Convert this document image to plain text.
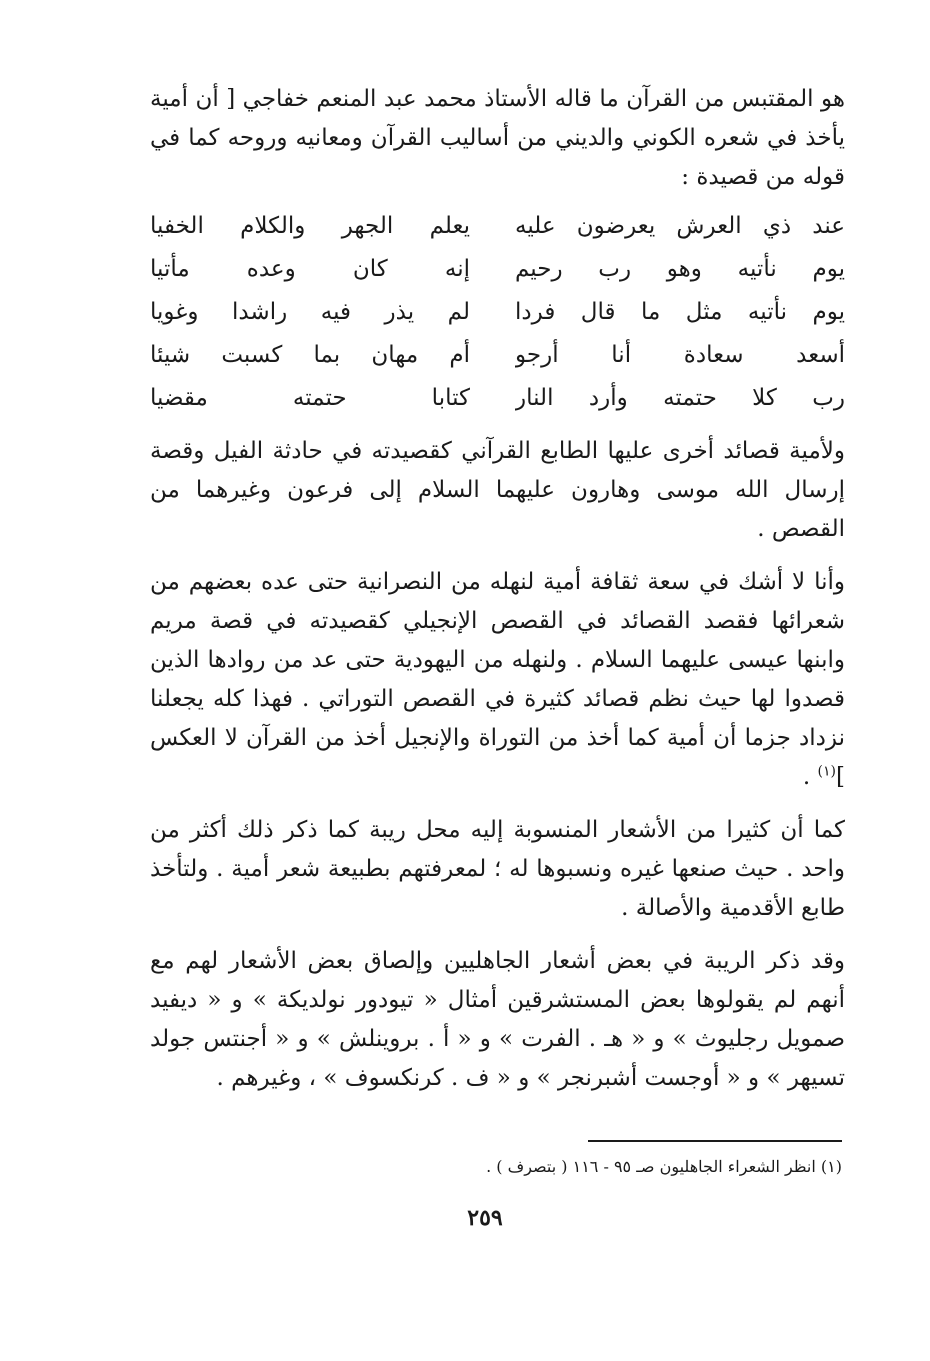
هو المقتبس من القرآن ما قاله الأستاذ محمد عبد المنعم خفاجي [ أن أمية يأخذ في شعره الكوني والديني من أساليب القرآن ومعانيه وروحه كما في قوله من قصيدة :

عند ذي العرش يعرضون عليه
يعلم الجهر والكلام الخفيا
يوم نأتيه وهو رب رحيم
إنه كان وعده مأتيا
يوم نأتيه مثل ما قال فردا
لم يذر فيه راشدا وغويا
أسعد سعادة أنا أرجو
أم مهان بما كسبت شيئا
رب كلا حتمته وأرد النار
كتابا حتمته مقضيا

ولأمية قصائد أخرى عليها الطابع القرآني كقصيدته في حادثة الفيل وقصة إرسال الله موسى وهارون عليهما السلام إلى فرعون وغيرهما من القصص .

وأنا لا أشك في سعة ثقافة أمية لنهله من النصرانية حتى عده بعضهم من شعرائها فقصد القصائد في القصص الإنجيلي كقصيدته في قصة مريم وابنها عيسى عليهما السلام . ولنهله من اليهودية حتى عد من روادها الذين قصدوا لها حيث نظم قصائد كثيرة في القصص التوراتي . فهذا كله يجعلنا نزداد جزما أن أمية كما أخذ من التوراة والإنجيل أخذ من القرآن لا العكس ]$^{(١)}$ .

كما أن كثيرا من الأشعار المنسوبة إليه محل ريبة كما ذكر ذلك أكثر من واحد . حيث صنعها غيره ونسبوها له ؛ لمعرفتهم بطبيعة شعر أمية . ولتأخذ طابع الأقدمية والأصالة .

وقد ذكر الريبة في بعض أشعار الجاهليين وإلصاق بعض الأشعار لهم مع أنهم لم يقولوها بعض المستشرقين أمثال « تيودور نولديكة » و « ديفيد صمويل رجليوث » و « هـ . الفرت » و « أ . بروينلش » و « أجنتس جولد تسيهر » و « أوجست أشبرنجر » و « ف . كرنكسوف » ، وغيرهم .

(١) انظر الشعراء الجاهليون صـ ٩٥ - ١١٦ ( بتصرف ) .
٢٥٩
